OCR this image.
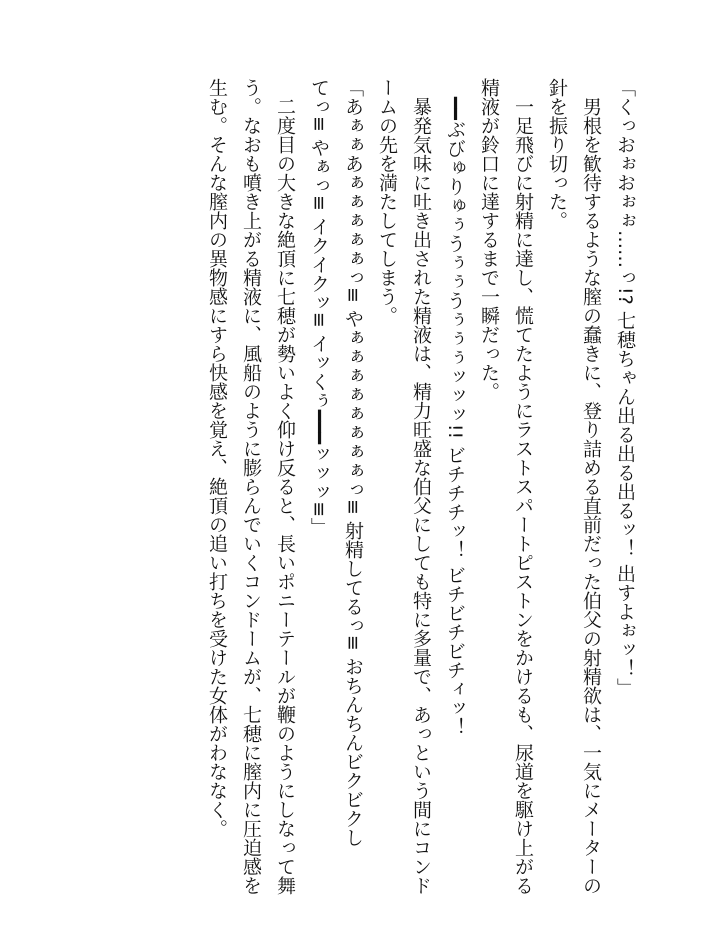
「くっおぉおぉぉ……っ!? 七穂ちゃん出る出る出るッ！ 出すよぉッ！」
　男根を歓待するような膣の蠢きに、登り詰める直前だった伯父の射精欲は、一気にメーターの
針を振り切った。
　一足飛びに射精に達し、慌てたようにラストスパートピストンをかけるも、尿道を駆け上がる
精液が鈴口に達するまで一瞬だった。
　━━ぶびゅりゅぅうぅぅうぅぅぅッッッ!! ビチチチッ！ ビチビチビチィッ！
　暴発気味に吐き出された精液は、精力旺盛な伯父にしても特に多量で、あっという間にコンド
ームの先を満たしてしまう。
「あぁぁあぁぁぁぁぁっ≡ やぁぁぁぁぁぁぁぁっ≡ 射精してるっ≡ おちんちんビクビクし
てっ≡ やぁっ≡ イクイクッ≡ イッくぅ━━━ッッッ≡」
　二度目の大きな絶頂に七穂が勢いよく仰け反ると、長いポニーテールが鞭のようにしなって舞
う。なおも噴き上がる精液に、風船のように膨らんでいくコンドームが、七穂に膣内に圧迫感を
生む。そんな膣内の異物感にすら快感を覚え、絶頂の追い打ちを受けた女体がわななく。
